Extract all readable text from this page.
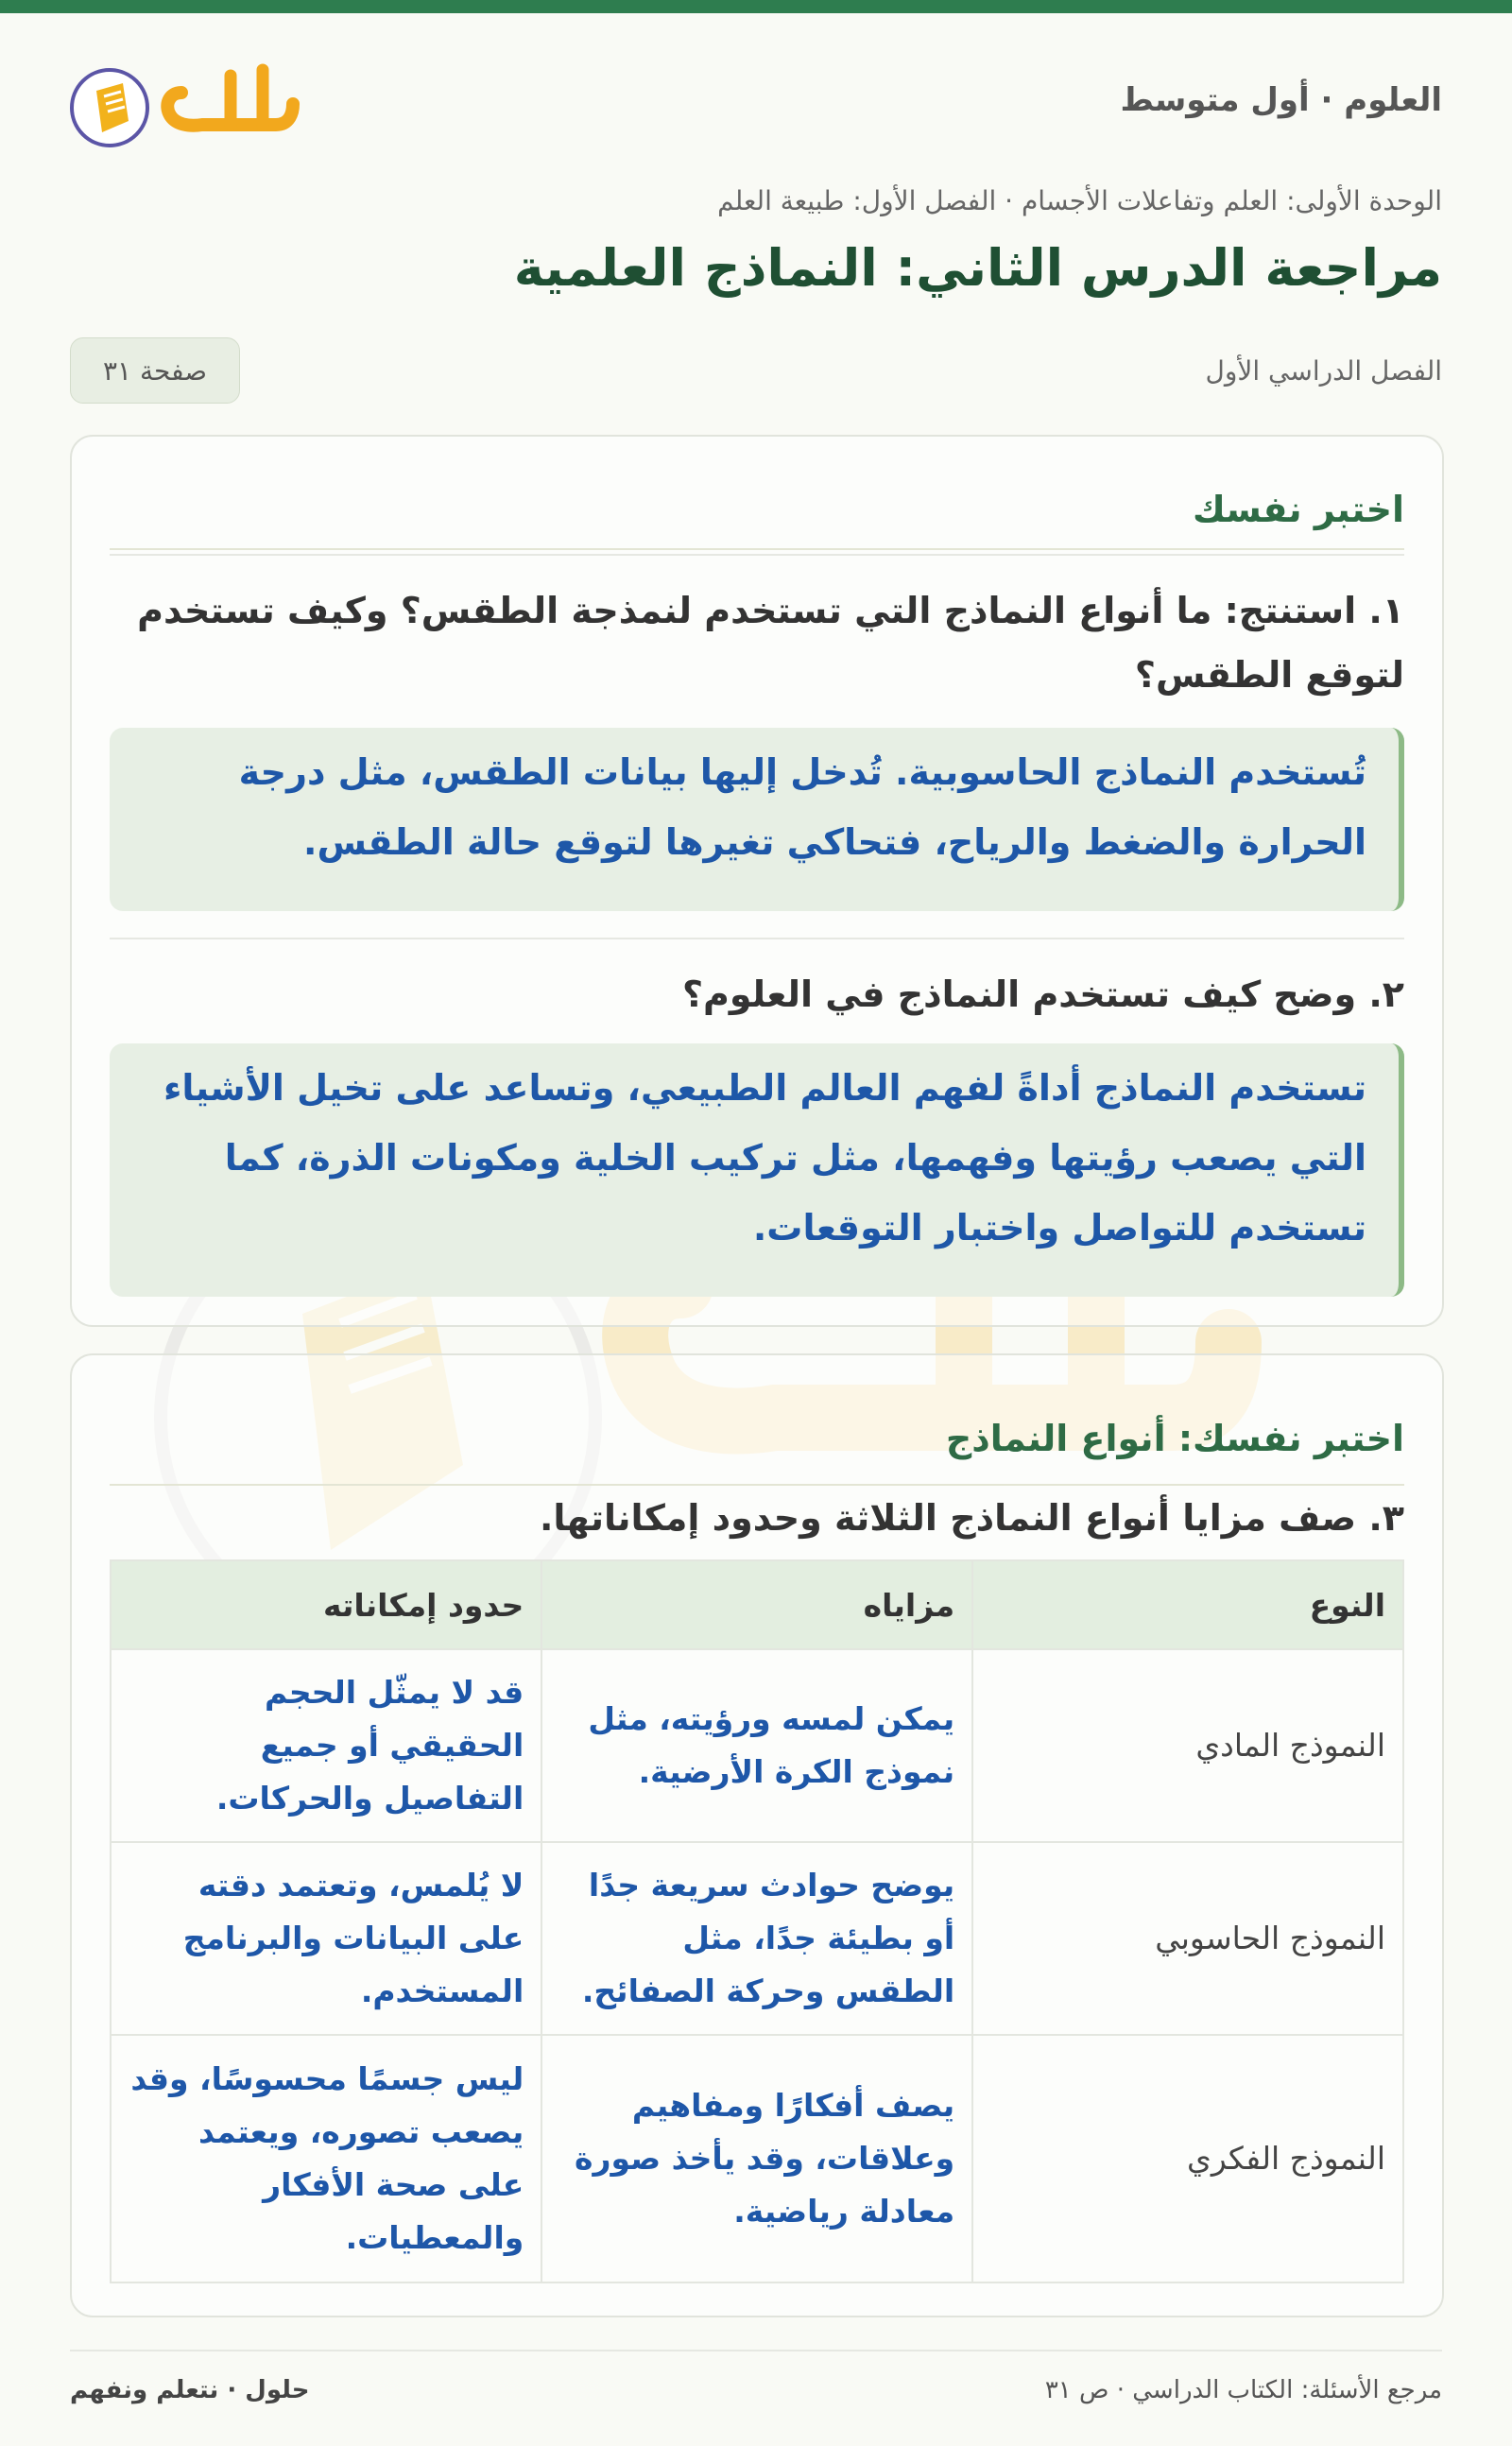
العلوم · أول متوسط
الوحدة الأولى: العلم وتفاعلات الأجسام · الفصل الأول: طبيعة العلم
مراجعة الدرس الثاني: النماذج العلمية
الفصل الدراسي الأول
صفحة ٣١
اختبر نفسك

١. استنتج: ما أنواع النماذج التي تستخدم لنمذجة الطقس؟ وكيف تستخدم لتوقع الطقس؟

تُستخدم النماذج الحاسوبية. تُدخل إليها بيانات الطقس، مثل درجة الحرارة والضغط والرياح، فتحاكي تغيرها لتوقع حالة الطقس.

٢. وضح كيف تستخدم النماذج في العلوم؟

تستخدم النماذج أداةً لفهم العالم الطبيعي، وتساعد على تخيل الأشياء التي يصعب رؤيتها وفهمها، مثل تركيب الخلية ومكونات الذرة، كما تستخدم للتواصل واختبار التوقعات.
اختبر نفسك: أنواع النماذج

٣. صف مزايا أنواع النماذج الثلاثة وحدود إمكاناتها.

النوع	مزاياه	حدود إمكاناته
النموذج المادي	يمكن لمسه ورؤيته، مثل نموذج الكرة الأرضية.	قد لا يمثّل الحجم الحقيقي أو جميع التفاصيل والحركات.
النموذج الحاسوبي	يوضح حوادث سريعة جدًا أو بطيئة جدًا، مثل الطقس وحركة الصفائح.	لا يُلمس، وتعتمد دقته على البيانات والبرنامج المستخدم.
النموذج الفكري	يصف أفكارًا ومفاهيم وعلاقات، وقد يأخذ صورة معادلة رياضية.	ليس جسمًا محسوسًا، وقد يصعب تصوره، ويعتمد على صحة الأفكار والمعطيات.
مرجع الأسئلة: الكتاب الدراسي · ص ٣١
حلول · نتعلم ونفهم
